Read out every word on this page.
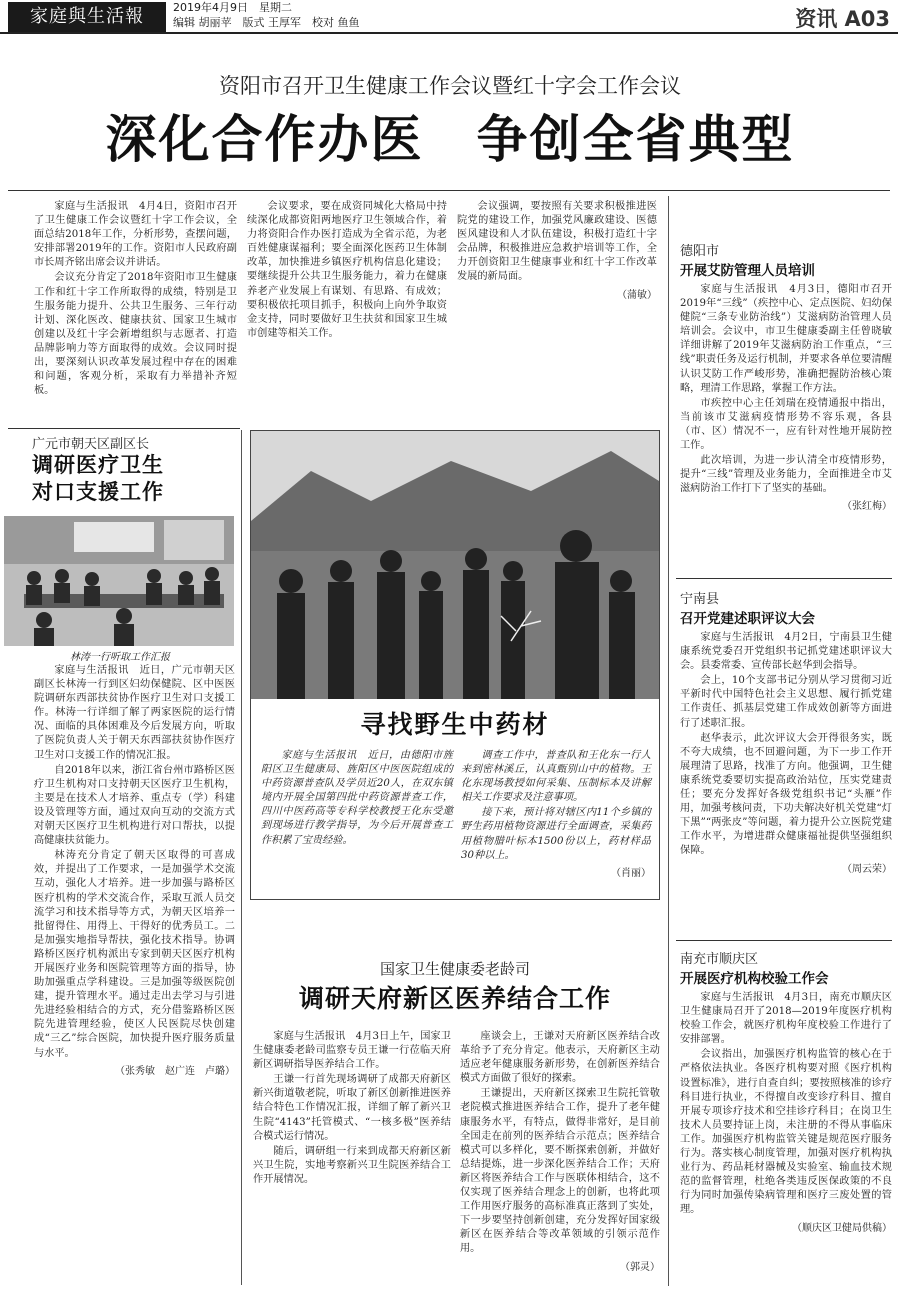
家庭與生活報	2019年4月9日　星期二
编辑 胡丽苹　版式 王厚军　校对 鱼鱼	资讯 A03
资阳市召开卫生健康工作会议暨红十字会工作会议
深化合作办医　争创全省典型

家庭与生活报讯　4月4日，资阳市召开了卫生健康工作会议暨红十字工作会议，全面总结2018年工作，分析形势，查摆问题，安排部署2019年的工作。资阳市人民政府副市长周齐铭出席会议并讲话。

会议充分肯定了2018年资阳市卫生健康工作和红十字工作所取得的成绩，特别是卫生服务能力提升、公共卫生服务、三年行动计划、深化医改、健康扶贫、国家卫生城市创建以及红十字会新增组织与志愿者、打造品牌影响力等方面取得的成效。会议同时提出，要深刻认识改革发展过程中存在的困难和问题，客观分析，采取有力举措补齐短板。

会议要求，要在成资同城化大格局中持续深化成都资阳两地医疗卫生领域合作，着力将资阳合作办医打造成为全省示范，为老百姓健康谋福利；要全面深化医药卫生体制改革，加快推进乡镇医疗机构信息化建设；要继续提升公共卫生服务能力，着力在健康养老产业发展上有谋划、有思路、有成效；要积极依托项目抓手，积极向上向外争取资金支持，同时要做好卫生扶贫和国家卫生城市创建等相关工作。

会议强调，要按照有关要求积极推进医院党的建设工作，加强党风廉政建设、医德医风建设和人才队伍建设，积极打造红十字会品牌，积极推进应急救护培训等工作，全力开创资阳卫生健康事业和红十字工作改革发展的新局面。

（蒲敏）
广元市朝天区副区长
调研医疗卫生
对口支援工作
林涛一行听取工作汇报

家庭与生活报讯　近日，广元市朝天区副区长林涛一行到区妇幼保健院、区中医医院调研东西部扶贫协作医疗卫生对口支援工作。林涛一行详细了解了两家医院的运行情况、面临的具体困难及今后发展方向，听取了医院负责人关于朝天东西部扶贫协作医疗卫生对口支援工作的情况汇报。

自2018年以来，浙江省台州市路桥区医疗卫生机构对口支持朝天区医疗卫生机构，主要是在技术人才培养、重点专（学）科建设及管理等方面，通过双向互动的交流方式对朝天区医疗卫生机构进行对口帮扶，以提高健康扶贫能力。

林涛充分肯定了朝天区取得的可喜成效，并提出了工作要求，一是加强学术交流互动，强化人才培养。进一步加强与路桥区医疗机构的学术交流合作，采取互派人员交流学习和技术指导等方式，为朝天区培养一批留得住、用得上、干得好的优秀员工。二是加强实地指导帮扶，强化技术指导。协调路桥区医疗机构派出专家到朝天区医疗机构开展医疗业务和医院管理等方面的指导，协助加强重点学科建设。三是加强等级医院创建，提升管理水平。通过走出去学习与引进先进经验相结合的方式，充分借鉴路桥区医院先进管理经验，使区人民医院尽快创建成“三乙”综合医院，加快提升医疗服务质量与水平。

（张秀敏　赵广连　卢璐）
寻找野生中药材

家庭与生活报讯　近日，由德阳市旌阳区卫生健康局、旌阳区中医医院组成的中药资源普查队及学员近20人，在双东镇境内开展全国第四批中药资源普查工作，四川中医药高等专科学校教授王化东受邀到现场进行教学指导，为今后开展普查工作积累了宝贵经验。

调查工作中，普查队和王化东一行人来到密林溪丘，认真甄别山中的植物。王化东现场教授如何采集、压制标本及讲解相关工作要求及注意事项。

接下来，预计将对辖区内11个乡镇的野生药用植物资源进行全面调查，采集药用植物腊叶标本1500份以上，药材样品30种以上。

（肖丽）
国家卫生健康委老龄司
调研天府新区医养结合工作

家庭与生活报讯　4月3日上午，国家卫生健康委老龄司监察专员王谦一行莅临天府新区调研指导医养结合工作。

王谦一行首先现场调研了成都天府新区新兴街道敬老院，听取了新区创新推进医养结合特色工作情况汇报，详细了解了新兴卫生院“4143”托管模式、“一核多极”医养结合模式运行情况。

随后，调研组一行来到成都天府新区新兴卫生院，实地考察新兴卫生院医养结合工作开展情况。

座谈会上，王谦对天府新区医养结合改革给予了充分肯定。他表示，天府新区主动适应老年健康服务新形势，在创新医养结合模式方面做了很好的探索。

王谦提出，天府新区探索卫生院托管敬老院模式推进医养结合工作，提升了老年健康服务水平，有特点，做得非常好，是目前全国走在前列的医养结合示范点；医养结合模式可以多样化，要不断探索创新，并做好总结提炼，进一步深化医养结合工作；天府新区将医养结合工作与医联体相结合，这不仅实现了医养结合理念上的创新，也将此项工作用医疗服务的高标准真正落到了实处，下一步要坚持创新创建，充分发挥好国家级新区在医养结合等改革领域的引领示范作用。

（郭灵）
德阳市
开展艾防管理人员培训

家庭与生活报讯　4月3日，德阳市召开2019年“三线”（疾控中心、定点医院、妇幼保健院“三条专业防治线”）艾滋病防治管理人员培训会。会议中，市卫生健康委副主任曾晓敏详细讲解了2019年艾滋病防治工作重点，“三线”职责任务及运行机制，并要求各单位要清醒认识艾防工作严峻形势，准确把握防治核心策略，理清工作思路，掌握工作方法。

市疾控中心主任刘瑞在疫情通报中指出，当前该市艾滋病疫情形势不容乐观，各县（市、区）情况不一，应有针对性地开展防控工作。

此次培训，为进一步认清全市疫情形势，提升“三线”管理及业务能力，全面推进全市艾滋病防治工作打下了坚实的基础。

（张红梅）
宁南县
召开党建述职评议大会

家庭与生活报讯　4月2日，宁南县卫生健康系统党委召开党组织书记抓党建述职评议大会。县委常委、宣传部长赵华到会指导。

会上，10个支部书记分别从学习贯彻习近平新时代中国特色社会主义思想、履行抓党建工作责任、抓基层党建工作成效创新等方面进行了述职汇报。

赵华表示，此次评议大会开得很务实，既不夸大成绩，也不回避问题，为下一步工作开展理清了思路，找准了方向。他强调，卫生健康系统党委要切实提高政治站位，压实党建责任；要充分发挥好各级党组织书记“头雁”作用，加强考核问责，下功夫解决好机关党建“灯下黑”“两张皮”等问题，着力提升公立医院党建工作水平，为增进群众健康福祉提供坚强组织保障。

（周云荣）
南充市顺庆区
开展医疗机构校验工作会

家庭与生活报讯　4月3日，南充市顺庆区卫生健康局召开了2018—2019年度医疗机构校验工作会，就医疗机构年度校验工作进行了安排部署。

会议指出，加强医疗机构监管的核心在于严格依法执业。各医疗机构要对照《医疗机构设置标准》，进行自查自纠；要按照核准的诊疗科目进行执业，不得擅自改变诊疗科目、擅自开展专项诊疗技术和空挂诊疗科目；在岗卫生技术人员要持证上岗，未注册的不得从事临床工作。加强医疗机构监管关键是规范医疗服务行为。落实核心制度管理，加强对医疗机构执业行为、药品耗材器械及实验室、输血技术规范的监督管理，杜绝各类违反医保政策的不良行为同时加强传染病管理和医疗三废处置的管理。

（顺庆区卫健局供稿）
